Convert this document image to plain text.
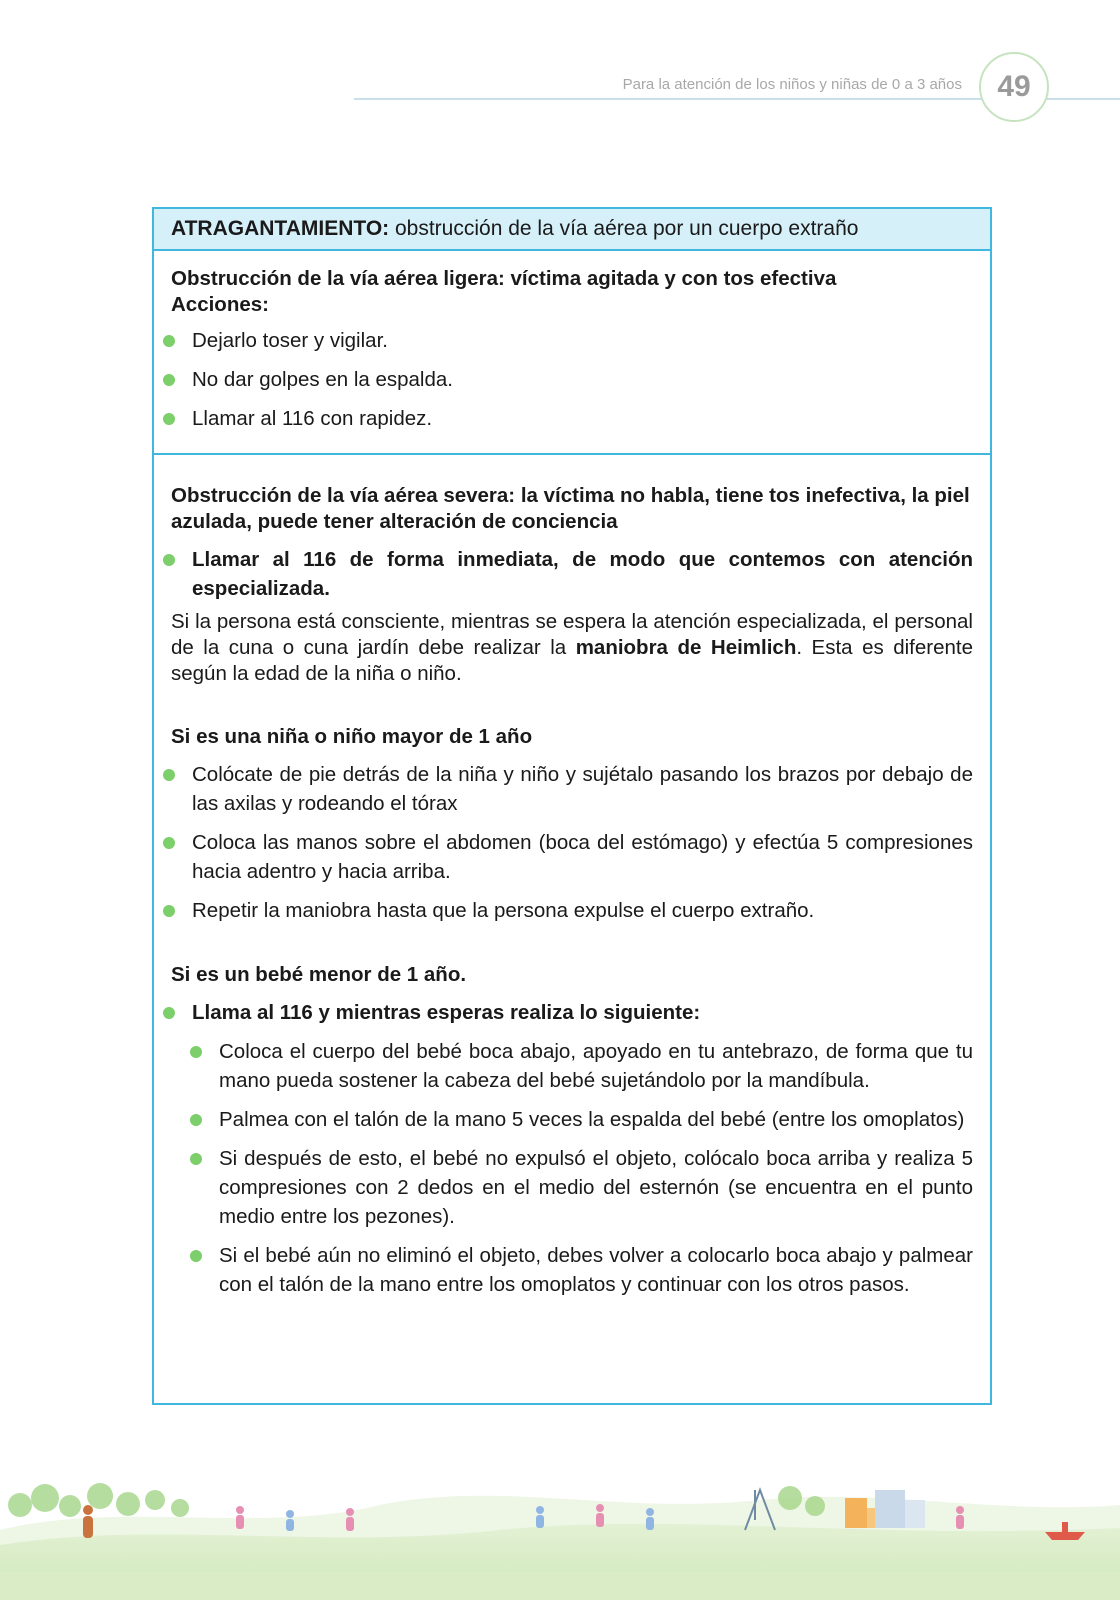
Para la atención de los niños y niñas de 0 a 3 años	49
ATRAGANTAMIENTO: obstrucción de la vía aérea por un cuerpo extraño

Obstrucción de la vía aérea ligera: víctima agitada y con tos efectiva

Acciones:

Dejarlo toser y vigilar.
No dar golpes en la espalda.
Llamar al 116 con rapidez.

Obstrucción de la vía aérea severa: la víctima no habla, tiene tos inefectiva, la piel azulada, puede tener alteración de conciencia

Llamar al 116 de forma inmediata, de modo que contemos con atención especializada.

Si la persona está consciente, mientras se espera la atención especializada, el personal de la cuna o cuna jardín debe realizar la maniobra de Heimlich. Esta es diferente según la edad de la niña o niño.

Si es una niña o niño mayor de 1 año

Colócate de pie detrás de la niña y niño y sujétalo pasando los brazos por debajo de las axilas y rodeando el tórax
Coloca las manos sobre el abdomen (boca del estómago) y efectúa 5 compresiones hacia adentro y hacia arriba.
Repetir la maniobra hasta que la persona expulse el cuerpo extraño.

Si es un bebé menor de 1 año.

Llama al 116 y mientras esperas realiza lo siguiente:
Coloca el cuerpo del bebé boca abajo, apoyado en tu antebrazo, de forma que tu mano pueda sostener la cabeza del bebé sujetándolo por la mandíbula.
Palmea con el talón de la mano 5 veces la espalda del bebé (entre los omoplatos)
Si después de esto, el bebé no expulsó el objeto, colócalo boca arriba y realiza 5 compresiones con 2 dedos en el medio del esternón (se encuentra en el punto medio entre los pezones).
Si el bebé aún no eliminó el objeto, debes volver a colocarlo boca abajo y palmear con el talón de la mano entre los omoplatos y continuar con los otros pasos.
